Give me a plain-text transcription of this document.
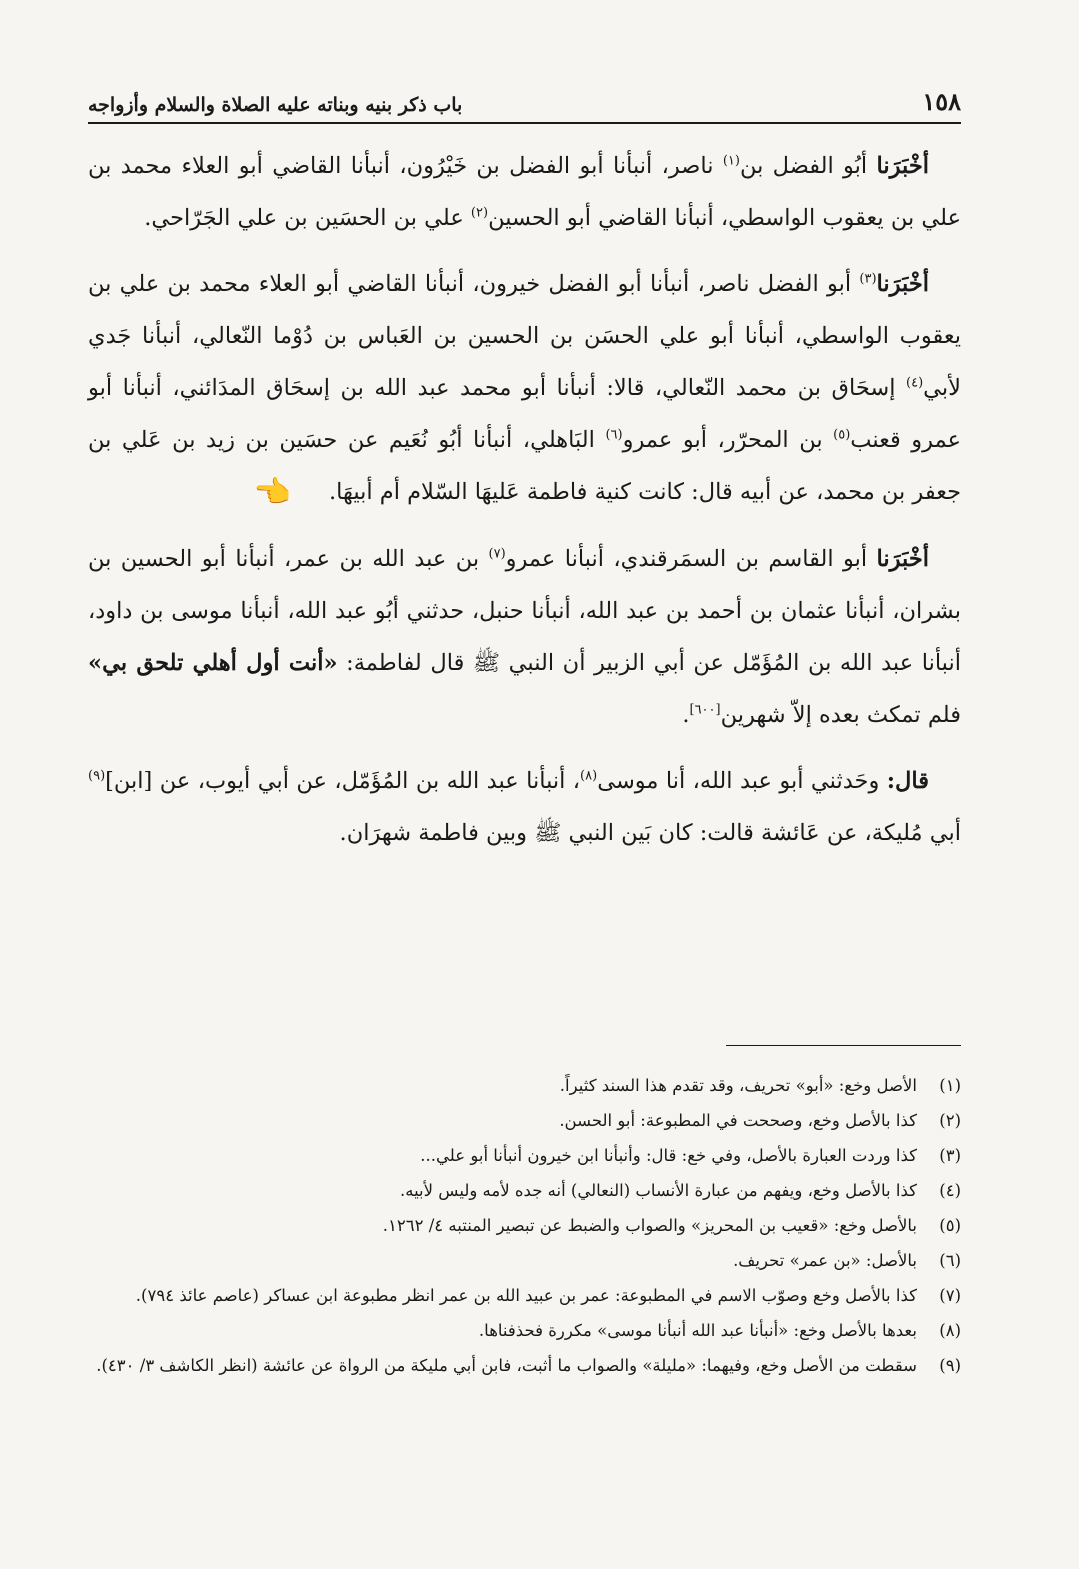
١٥٨
باب ذكر بنيه وبناته عليه الصلاة والسلام وأزواجه

أخْبَرَنا أبُو الفضل بن$^{(١)}$ ناصر، أنبأنا أبو الفضل بن خَيْرُون، أنبأنا القاضي أبو العلاء محمد بن علي بن يعقوب الواسطي، أنبأنا القاضي أبو الحسين$^{(٢)}$ علي بن الحسَين بن علي الجَرّاحي.

أخْبَرَنا$^{(٣)}$ أبو الفضل ناصر، أنبأنا أبو الفضل خيرون، أنبأنا القاضي أبو العلاء محمد بن علي بن يعقوب الواسطي، أنبأنا أبو علي الحسَن بن الحسين بن العَباس بن دُوْما النّعالي، أنبأنا جَدي لأبي$^{(٤)}$ إسحَاق بن محمد النّعالي، قالا: أنبأنا أبو محمد عبد الله بن إسحَاق المدَائني، أنبأنا أبو عمرو قعنب$^{(٥)}$ بن المحرّر، أبو عمرو$^{(٦)}$ البَاهلي، أنبأنا أبُو نُعَيم عن حسَين بن زيد بن عَلي بن جعفر بن محمد، عن أبيه قال: كانت كنية فاطمة عَليهَا السّلام أم أبيهَا.👈

أخْبَرَنا أبو القاسم بن السمَرقندي، أنبأنا عمرو$^{(٧)}$ بن عبد الله بن عمر، أنبأنا أبو الحسين بن بشران، أنبأنا عثمان بن أحمد بن عبد الله، أنبأنا حنبل، حدثني أبُو عبد الله، أنبأنا موسى بن داود، أنبأنا عبد الله بن المُؤَمّل عن أبي الزبير أن النبي ﷺ قال لفاطمة: «أنت أول أهلي تلحق بي» فلم تمكث بعده إلاّ شهرين[٦٠٠].

قال: وحَدثني أبو عبد الله، أنا موسى$^{(٨)}$، أنبأنا عبد الله بن المُؤَمّل، عن أبي أيوب، عن [ابن]$^{(٩)}$ أبي مُليكة، عن عَائشة قالت: كان بَين النبي ﷺ وبين فاطمة شهرَان.

(١)
الأصل وخع: «أبو» تحريف، وقد تقدم هذا السند كثيراً.
(٢)
كذا بالأصل وخع، وصححت في المطبوعة: أبو الحسن.
(٣)
كذا وردت العبارة بالأصل، وفي خع: قال: وأنبأنا ابن خيرون أنبأنا أبو علي...
(٤)
كذا بالأصل وخع، ويفهم من عبارة الأنساب (النعالي) أنه جده لأمه وليس لأبيه.
(٥)
بالأصل وخع: «قعيب بن المحريز» والصواب والضبط عن تبصير المنتبه ٤/ ١٢٦٢.
(٦)
بالأصل: «بن عمر» تحريف.
(٧)
كذا بالأصل وخع وصوّب الاسم في المطبوعة: عمر بن عبيد الله بن عمر انظر مطبوعة ابن عساكر (عاصم عائذ ٧٩٤).
(٨)
بعدها بالأصل وخع: «أنبأنا عبد الله أنبأنا موسى» مكررة فحذفناها.
(٩)
سقطت من الأصل وخع، وفيهما: «مليلة» والصواب ما أثبت، فابن أبي مليكة من الرواة عن عائشة (انظر الكاشف ٣/ ٤٣٠).
